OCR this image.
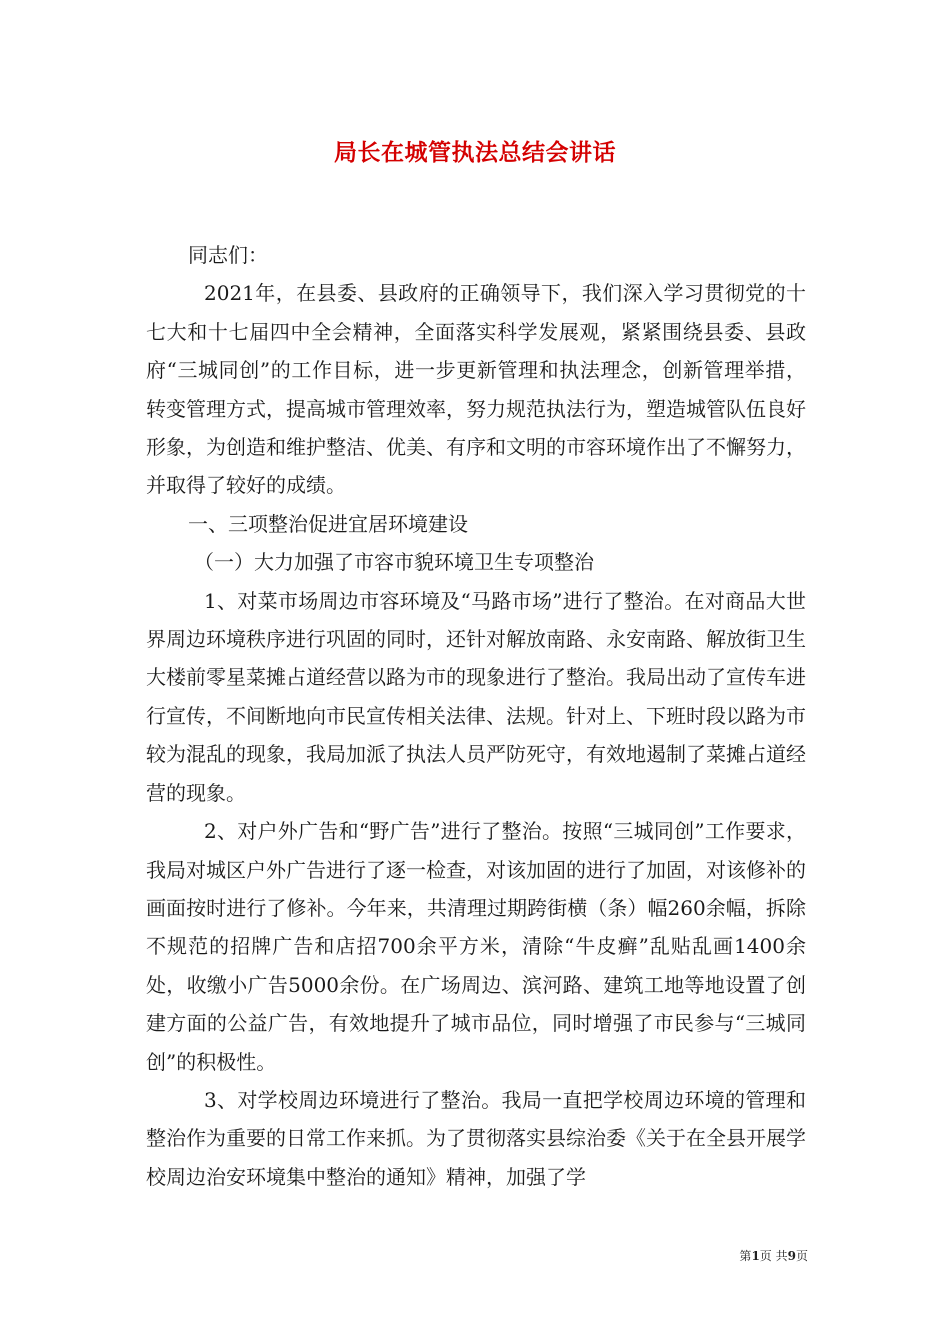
局长在城管执法总结会讲话

同志们：

2021年，在县委、县政府的正确领导下，我们深入学习贯彻党的十七大和十七届四中全会精神，全面落实科学发展观，紧紧围绕县委、县政府“三城同创”的工作目标，进一步更新管理和执法理念，创新管理举措，转变管理方式，提高城市管理效率，努力规范执法行为，塑造城管队伍良好形象，为创造和维护整洁、优美、有序和文明的市容环境作出了不懈努力，并取得了较好的成绩。

一、三项整治促进宜居环境建设

（一）大力加强了市容市貌环境卫生专项整治

1、对菜市场周边市容环境及“马路市场”进行了整治。在对商品大世界周边环境秩序进行巩固的同时，还针对解放南路、永安南路、解放街卫生大楼前零星菜摊占道经营以路为市的现象进行了整治。我局出动了宣传车进行宣传，不间断地向市民宣传相关法律、法规。针对上、下班时段以路为市较为混乱的现象，我局加派了执法人员严防死守，有效地遏制了菜摊占道经营的现象。

2、对户外广告和“野广告”进行了整治。按照“三城同创”工作要求，我局对城区户外广告进行了逐一检查，对该加固的进行了加固，对该修补的画面按时进行了修补。今年来，共清理过期跨街横（条）幅260余幅，拆除不规范的招牌广告和店招700余平方米，清除“牛皮癣”乱贴乱画1400余处，收缴小广告5000余份。在广场周边、滨河路、建筑工地等地设置了创建方面的公益广告，有效地提升了城市品位，同时增强了市民参与“三城同创”的积极性。

3、对学校周边环境进行了整治。我局一直把学校周边环境的管理和整治作为重要的日常工作来抓。为了贯彻落实县综治委《关于在全县开展学校周边治安环境集中整治的通知》精神，加强了学

第1页 共9页
